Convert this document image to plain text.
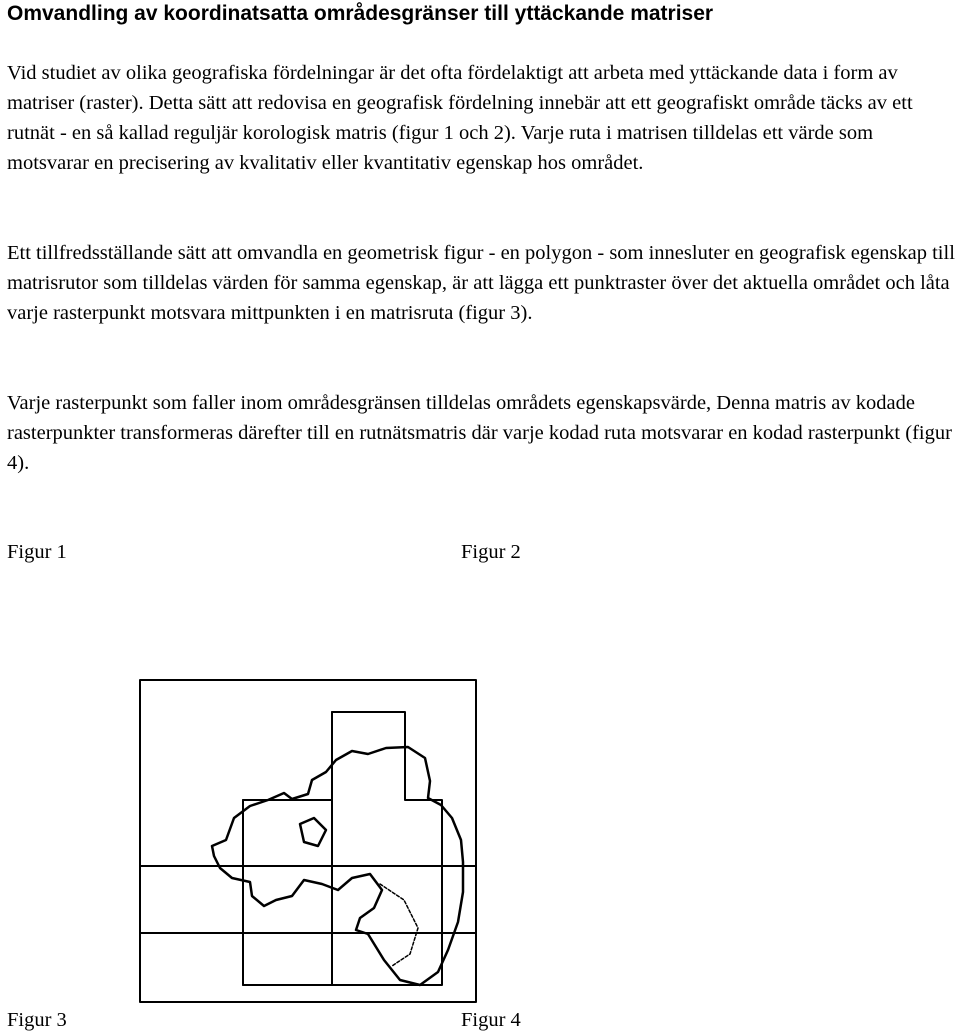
Omvandling av koordinatsatta områdesgränser till yttäckande matriser

Vid studiet av olika geografiska fördelningar är det ofta fördelaktigt att arbeta med yttäckande data i form av matriser (raster). Detta sätt att redovisa en geografisk fördelning innebär att ett geografiskt område täcks av ett rutnät - en så kallad reguljär korologisk matris (figur 1 och 2). Varje ruta i matrisen tilldelas ett värde som motsvarar en precisering av kvalitativ eller kvantitativ egenskap hos området.

Ett tillfredsställande sätt att omvandla en geometrisk figur - en polygon - som innesluter en geografisk egenskap till matrisrutor som tilldelas värden för samma egenskap, är att lägga ett punktraster över det aktuella området och låta varje rasterpunkt motsvara mittpunkten i en matrisruta (figur 3).

Varje rasterpunkt som faller inom områdesgränsen tilldelas områdets egenskapsvärde, Denna matris av kodade rasterpunkter transformeras därefter till en rutnätsmatris där varje kodad ruta motsvarar en kodad rasterpunkt (figur 4).

Figur 1	Figur 2
Figur 3	Figur 4
